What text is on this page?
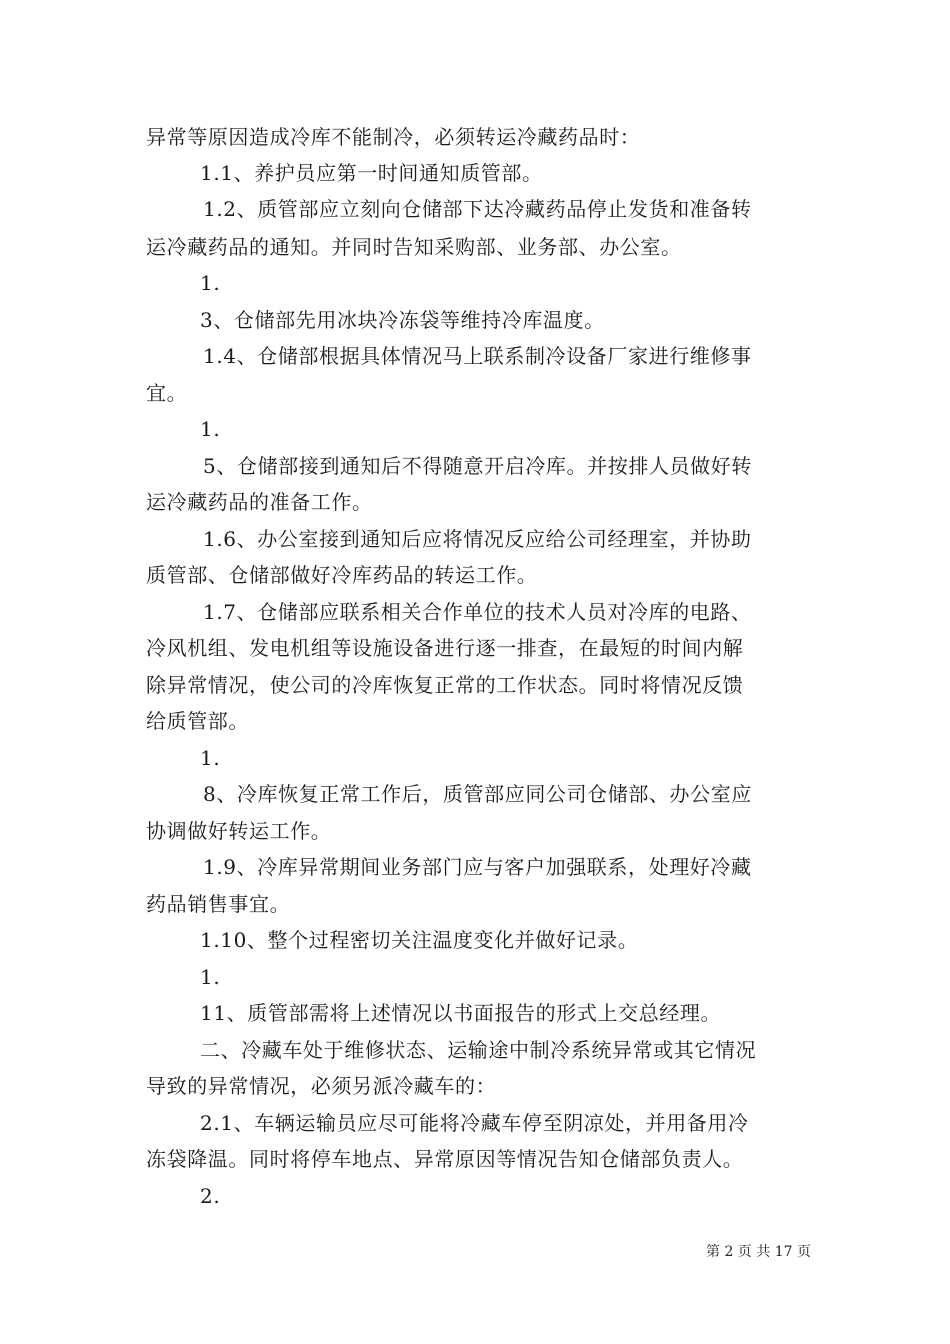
异常等原因造成冷库不能制冷，必须转运冷藏药品时：
1.1、养护员应第一时间通知质管部。
1.2、质管部应立刻向仓储部下达冷藏药品停止发货和准备转
运冷藏药品的通知。并同时告知采购部、业务部、办公室。
1.
3、仓储部先用冰块冷冻袋等维持冷库温度。
1.4、仓储部根据具体情况马上联系制冷设备厂家进行维修事
宜。
1.
5、仓储部接到通知后不得随意开启冷库。并按排人员做好转
运冷藏药品的准备工作。
1.6、办公室接到通知后应将情况反应给公司经理室，并协助
质管部、仓储部做好冷库药品的转运工作。
1.7、仓储部应联系相关合作单位的技术人员对冷库的电路、
冷风机组、发电机组等设施设备进行逐一排查，在最短的时间内解
除异常情况，使公司的冷库恢复正常的工作状态。同时将情况反馈
给质管部。
1.
8、冷库恢复正常工作后，质管部应同公司仓储部、办公室应
协调做好转运工作。
1.9、冷库异常期间业务部门应与客户加强联系，处理好冷藏
药品销售事宜。
1.10、整个过程密切关注温度变化并做好记录。
1.
11、质管部需将上述情况以书面报告的形式上交总经理。
二、冷藏车处于维修状态、运输途中制冷系统异常或其它情况
导致的异常情况，必须另派冷藏车的：
2.1、车辆运输员应尽可能将冷藏车停至阴凉处，并用备用冷
冻袋降温。同时将停车地点、异常原因等情况告知仓储部负责人。
2.
第 2 页 共 17 页
